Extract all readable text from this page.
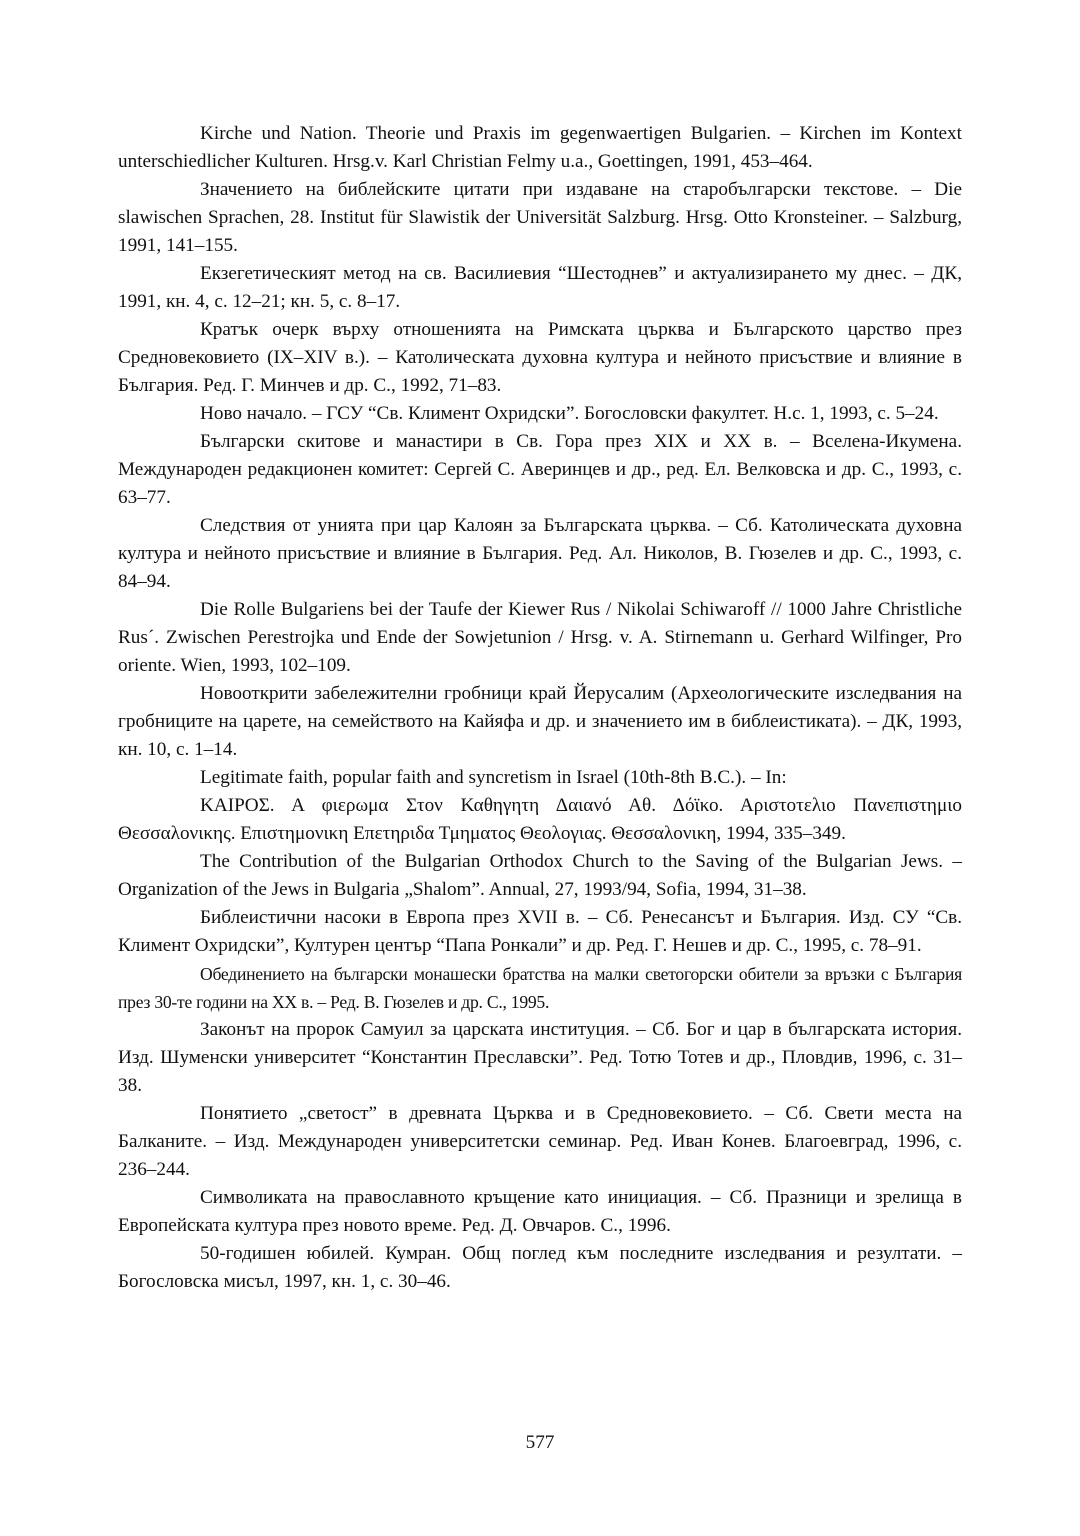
Kirche und Nation. Theorie und Praxis im gegenwaertigen Bulgarien. – Kirchen im Kontext unterschiedlicher Kulturen. Hrsg.v. Karl Christian Felmy u.a., Goettingen, 1991, 453–464.

Значението на библейските цитати при издаване на старобългарски текстове. – Die slawischen Sprachen, 28. Institut für Slawistik der Universität Salzburg. Hrsg. Otto Kronsteiner. – Salzburg, 1991, 141–155.

Екзегетическият метод на св. Василиевия “Шестоднев” и актуализирането му днес. – ДК, 1991, кн. 4, с. 12–21; кн. 5, с. 8–17.

Кратък очерк върху отношенията на Римската църква и Българското царство през Средновековието (IX–XIV в.). – Католическата духовна култура и нейното присъствие и влияние в България. Ред. Г. Минчев и др. С., 1992, 71–83.

Ново начало. – ГСУ “Св. Климент Охридски”. Богословски факултет. Н.с. 1, 1993, с. 5–24.

Български скитове и манастири в Св. Гора през XIX и XX в. – Вселена-Икумена. Международен редакционен комитет: Сергей С. Аверинцев и др., ред. Ел. Велковска и др. С., 1993, с. 63–77.

Следствия от унията при цар Калоян за Българската църква. – Сб. Католическата духовна култура и нейното присъствие и влияние в България. Ред. Ал. Николов, В. Гюзелев и др. С., 1993, с. 84–94.

Die Rolle Bulgariens bei der Taufe der Kiewer Rus / Nikolai Schiwaroff // 1000 Jahre Christliche Rus´. Zwischen Perestrojka und Ende der Sowjetunion / Hrsg. v. A. Stirnemann u. Gerhard Wilfinger, Pro oriente. Wien, 1993, 102–109.

Новооткрити забележителни гробници край Йерусалим (Археологическите изследвания на гробниците на царете, на семейството на Кайяфа и др. и значението им в библеистиката). – ДК, 1993, кн. 10, с. 1–14.

Legitimate faith, popular faith and syncretism in Israel (10th-8th B.C.). – In:

ΚΑΙΡΟΣ. Α φιερωμα Στον Καθηγητη Δαιανό Αθ. Δόϊκο. Αριστοτελιο Πανεπιστημιο Θεσσαλονικης. Επιστημονικη Επετηριδα Τμηματος Θεολογιας. Θεσσαλονικη, 1994, 335–349.

The Contribution of the Bulgarian Orthodox Church to the Saving of the Bulgarian Jews. – Organization of the Jews in Bulgaria „Shalom”. Annual, 27, 1993/94, Sofia, 1994, 31–38.

Библеистични насоки в Европа през XVII в. – Сб. Ренесансът и България. Изд. СУ “Св. Климент Охридски”, Културен център “Папа Ронкали” и др. Ред. Г. Нешев и др. С., 1995, с. 78–91.

Обединението на български монашески братства на малки светогорски обители за връзки с България през 30-те години на XX в. – Ред. В. Гюзелев и др. С., 1995.

Законът на пророк Самуил за царската институция. – Сб. Бог и цар в българската история. Изд. Шуменски университет “Константин Преславски”. Ред. Тотю Тотев и др., Пловдив, 1996, с. 31–38.

Понятието „светост” в древната Църква и в Средновековието. – Сб. Свети места на Балканите. – Изд. Международен университетски семинар. Ред. Иван Конев. Благоевград, 1996, с. 236–244.

Символиката на православното кръщение като инициация. – Сб. Празници и зрелища в Европейската култура през новото време. Ред. Д. Овчаров. С., 1996.

50-годишен юбилей. Кумран. Общ поглед към последните изследвания и резултати. – Богословска мисъл, 1997, кн. 1, с. 30–46.

577
